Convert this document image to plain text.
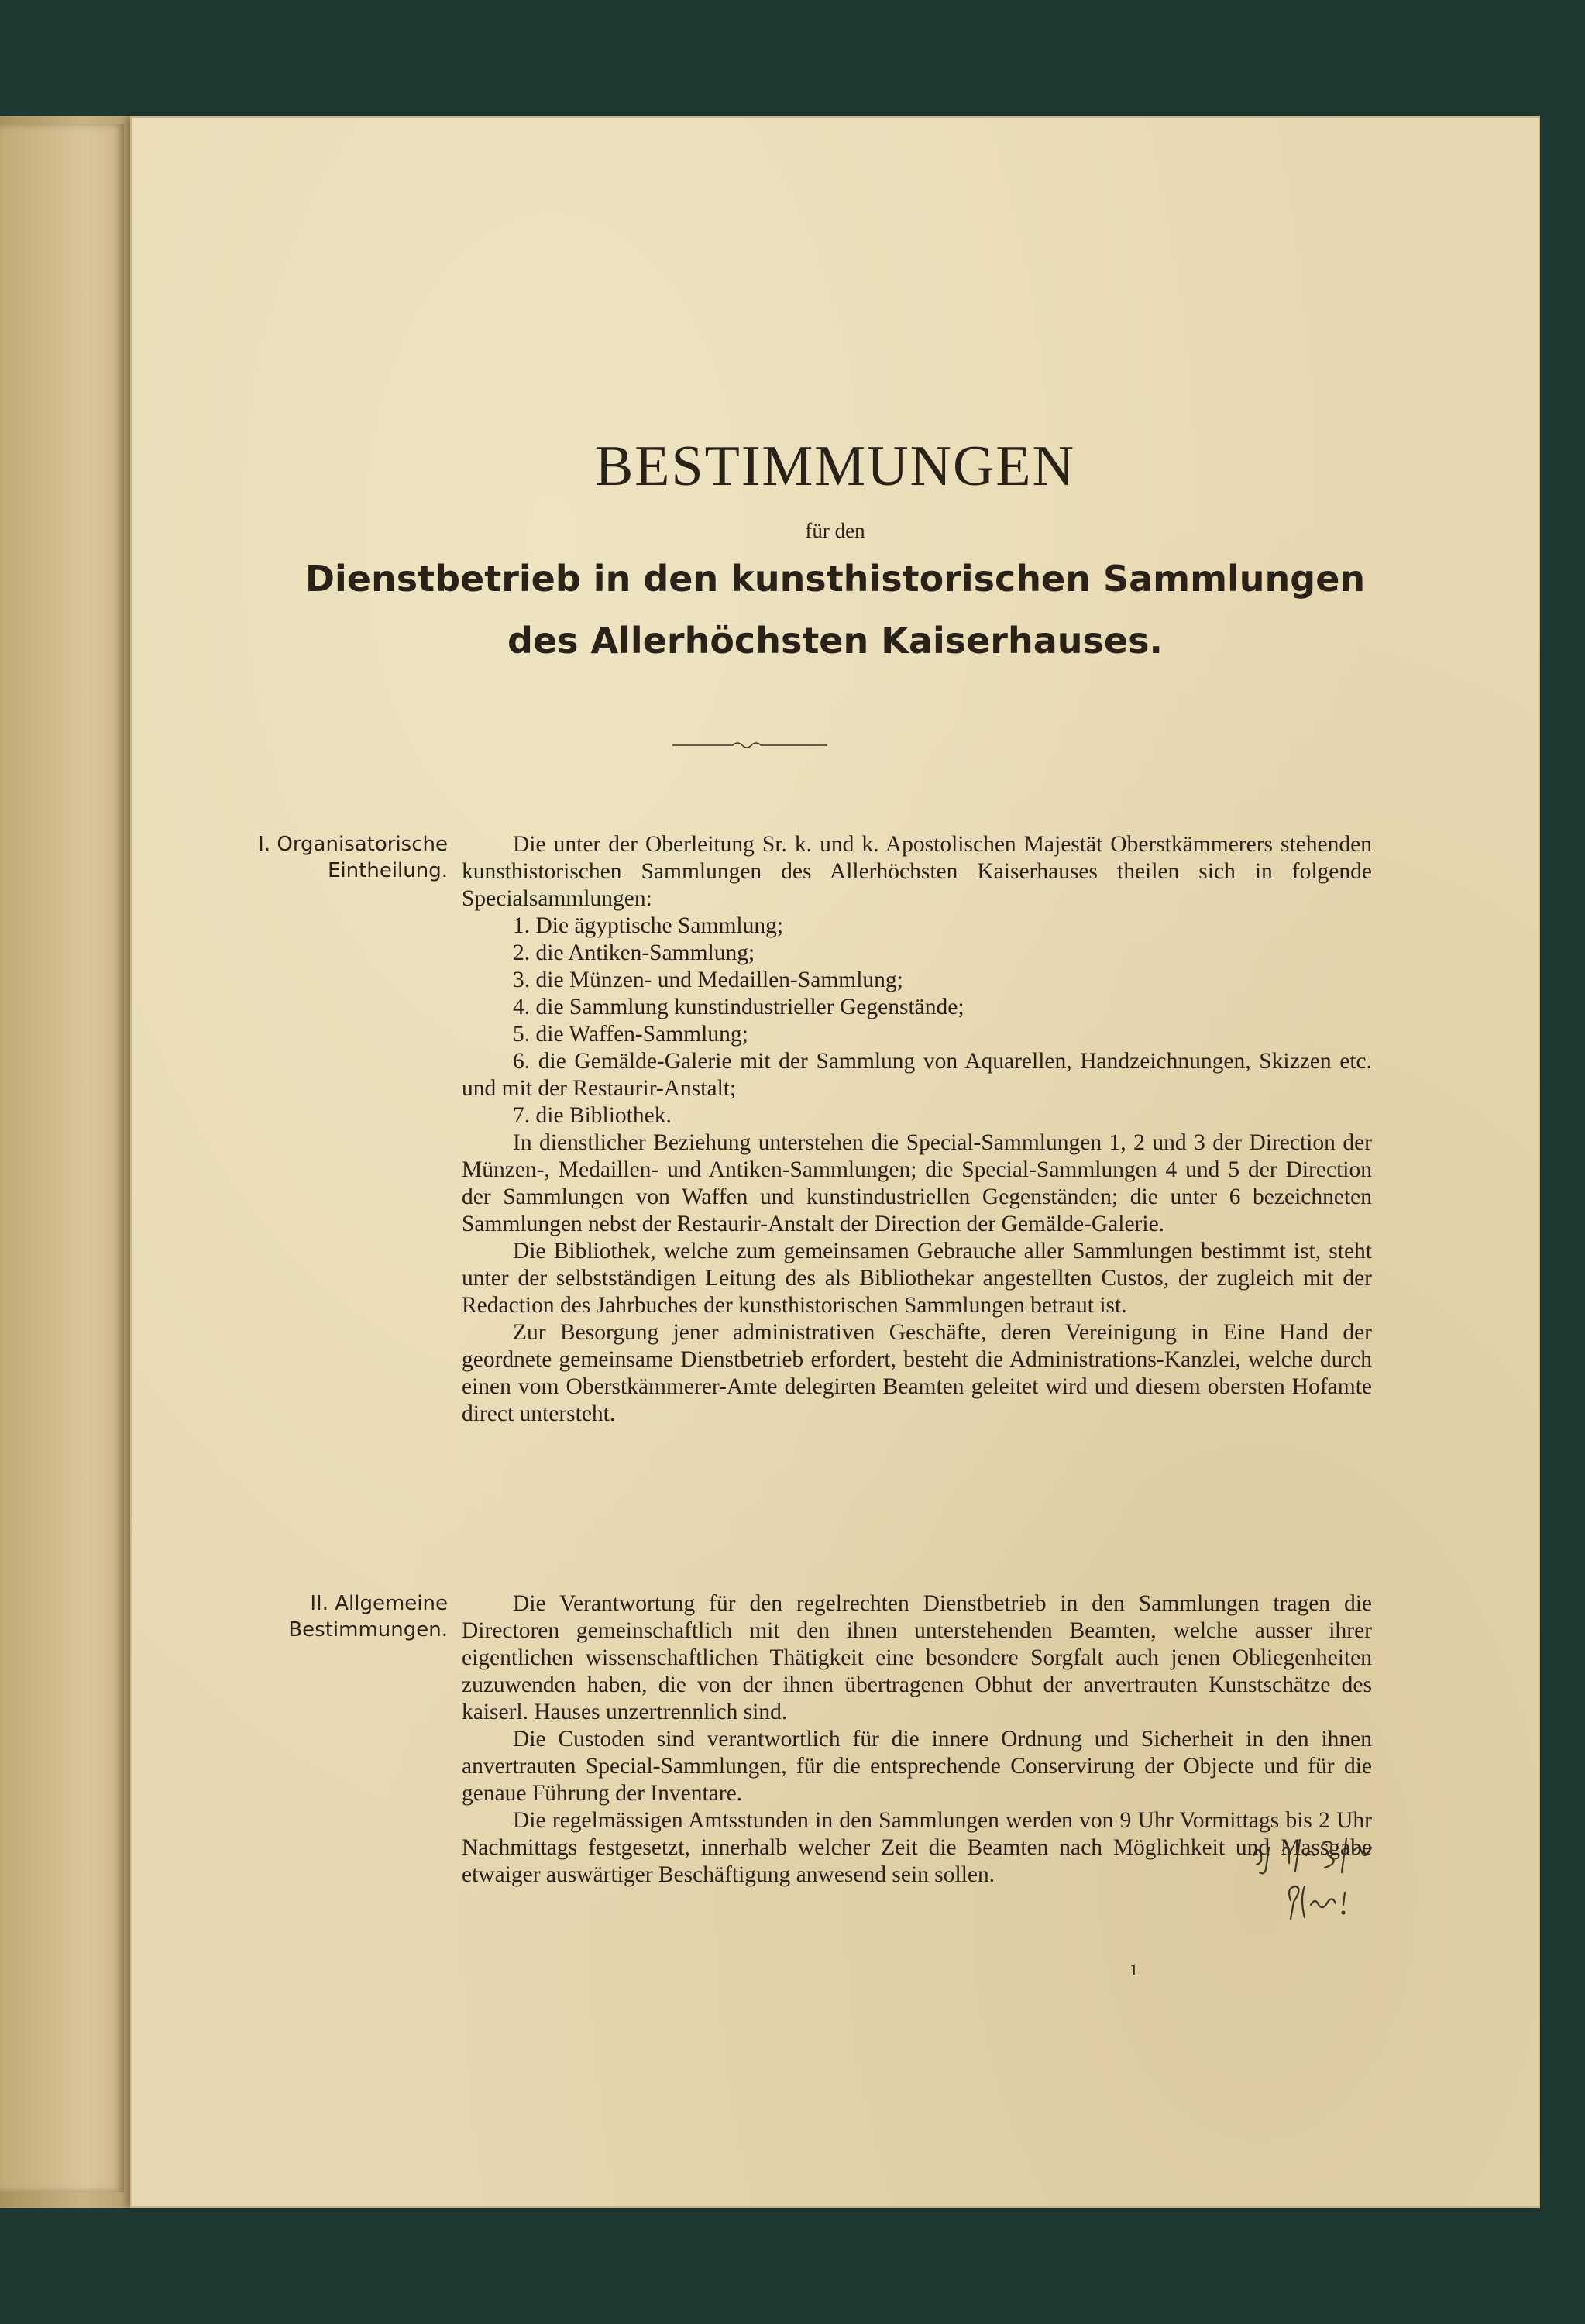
BESTIMMUNGEN
für den
Dienstbetrieb in den kunsthistorischen Sammlungen
des Allerhöchsten Kaiserhauses.
I. Organisatorische
Eintheilung.

Die unter der Oberleitung Sr. k. und k. Apostolischen Majestät Oberstkämmerers stehenden kunsthistorischen Sammlungen des Allerhöchsten Kaiserhauses theilen sich in folgende Specialsammlungen:

1. Die ägyptische Sammlung;

2. die Antiken-Sammlung;

3. die Münzen- und Medaillen-Sammlung;

4. die Sammlung kunstindustrieller Gegenstände;

5. die Waffen-Sammlung;

6. die Gemälde-Galerie mit der Sammlung von Aquarellen, Handzeichnungen, Skizzen etc. und mit der Restaurir-Anstalt;

7. die Bibliothek.

In dienstlicher Beziehung unterstehen die Special-Sammlungen 1, 2 und 3 der Direction der Münzen-, Medaillen- und Antiken-Sammlungen; die Special-Sammlungen 4 und 5 der Direction der Sammlungen von Waffen und kunstindustriellen Gegenständen; die unter 6 bezeichneten Sammlungen nebst der Restaurir-Anstalt der Direction der Gemälde-Galerie.

Die Bibliothek, welche zum gemeinsamen Gebrauche aller Sammlungen bestimmt ist, steht unter der selbstständigen Leitung des als Bibliothekar angestellten Custos, der zugleich mit der Redaction des Jahrbuches der kunsthistorischen Sammlungen betraut ist.

Zur Besorgung jener administrativen Geschäfte, deren Vereinigung in Eine Hand der geordnete gemeinsame Dienstbetrieb erfordert, besteht die Administrations-Kanzlei, welche durch einen vom Oberstkämmerer-Amte delegirten Beamten geleitet wird und diesem obersten Hofamte direct untersteht.

II. Allgemeine
Bestimmungen.

Die Verantwortung für den regelrechten Dienstbetrieb in den Sammlungen tragen die Directoren gemeinschaftlich mit den ihnen unterstehenden Beamten, welche ausser ihrer eigentlichen wissenschaftlichen Thätigkeit eine besondere Sorgfalt auch jenen Obliegenheiten zuzuwenden haben, die von der ihnen übertragenen Obhut der anvertrauten Kunstschätze des kaiserl. Hauses unzertrennlich sind.

Die Custoden sind verantwortlich für die innere Ordnung und Sicherheit in den ihnen anvertrauten Special-Sammlungen, für die entsprechende Conservirung der Objecte und für die genaue Führung der Inventare.

Die regelmässigen Amtsstunden in den Sammlungen werden von 9 Uhr Vormittags bis 2 Uhr Nachmittags festgesetzt, innerhalb welcher Zeit die Beamten nach Möglichkeit und Massgabe etwaiger auswärtiger Beschäftigung anwesend sein sollen.

1
